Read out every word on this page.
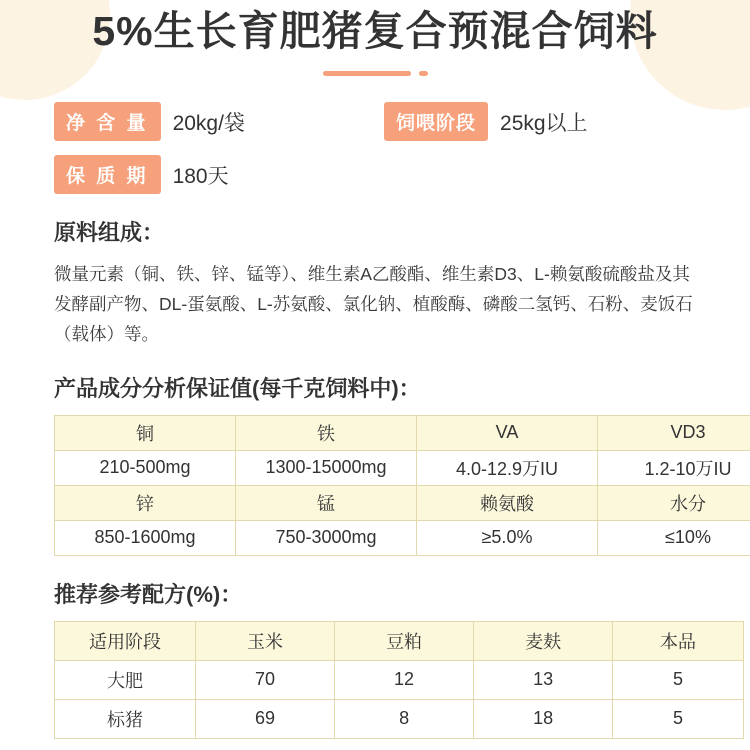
5%生长育肥猪复合预混合饲料
净 含 量	20kg/袋	饲喂阶段	25kg以上
保 质 期	180天
原料组成：
微量元素（铜、铁、锌、锰等）、维生素A乙酸酯、维生素D3、L-赖氨酸硫酸盐及其发酵副产物、DL-蛋氨酸、L-苏氨酸、氯化钠、植酸酶、磷酸二氢钙、石粉、麦饭石（载体）等。
产品成分分析保证值(每千克饲料中)：
铜	铁	VA	VD3
210-500mg	1300-15000mg	4.0-12.9万IU	1.2-10万IU
锌	锰	赖氨酸	水分
850-1600mg	750-3000mg	≥5.0%	≤10%
推荐参考配方(%)：
适用阶段	玉米	豆粕	麦麸	本品
大肥	70	12	13	5
标猪	69	8	18	5
